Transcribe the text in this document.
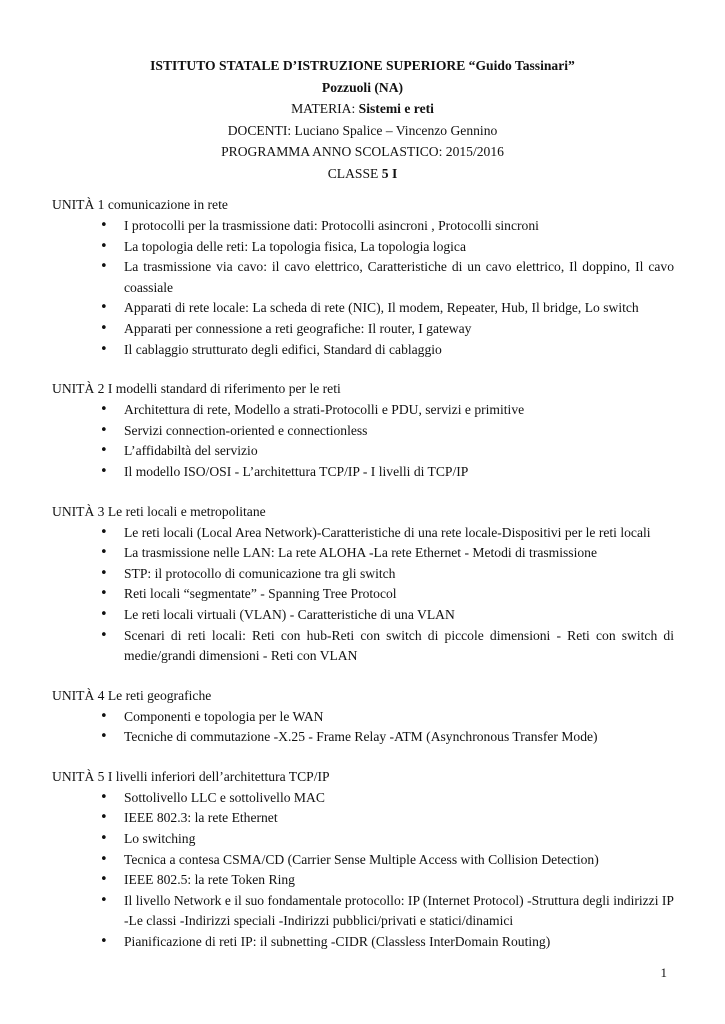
ISTITUTO STATALE D’ISTRUZIONE SUPERIORE “Guido Tassinari”
Pozzuoli (NA)
MATERIA: Sistemi e reti
DOCENTI: Luciano Spalice – Vincenzo Gennino
PROGRAMMA ANNO SCOLASTICO: 2015/2016
CLASSE 5 I
UNITÀ 1 comunicazione in rete
• I protocolli per la trasmissione dati: Protocolli asincroni , Protocolli sincroni
• La topologia delle reti: La topologia fisica, La topologia logica
• La trasmissione via cavo: il cavo elettrico, Caratteristiche di un cavo elettrico, Il doppino, Il cavo coassiale
• Apparati di rete locale: La scheda di rete (NIC), Il modem, Repeater, Hub, Il bridge, Lo switch
• Apparati per connessione a reti geografiche: Il router, I gateway
• Il cablaggio strutturato degli edifici, Standard di cablaggio
UNITÀ 2 I modelli standard di riferimento per le reti
• Architettura di rete, Modello a strati-Protocolli e PDU, servizi e primitive
• Servizi connection-oriented e connectionless
• L’affidabiltà del servizio
• Il modello ISO/OSI - L’architettura TCP/IP - I livelli di TCP/IP
UNITÀ 3 Le reti locali e metropolitane
• Le reti locali (Local Area Network)-Caratteristiche di una rete locale-Dispositivi per le reti locali
• La trasmissione nelle LAN: La rete ALOHA -La rete Ethernet - Metodi di trasmissione
• STP: il protocollo di comunicazione tra gli switch
• Reti locali “segmentate” - Spanning Tree Protocol
• Le reti locali virtuali (VLAN) - Caratteristiche di una VLAN
• Scenari di reti locali: Reti con hub-Reti con switch di piccole dimensioni - Reti con switch di medie/grandi dimensioni - Reti con VLAN
UNITÀ 4 Le reti geografiche
• Componenti e topologia per le WAN
• Tecniche di commutazione -X.25 - Frame Relay -ATM (Asynchronous Transfer Mode)
UNITÀ 5 I livelli inferiori dell’architettura TCP/IP
• Sottolivello LLC e sottolivello MAC
• IEEE 802.3: la rete Ethernet
• Lo switching
• Tecnica a contesa CSMA/CD (Carrier Sense Multiple Access with Collision Detection)
• IEEE 802.5: la rete Token Ring
• Il livello Network e il suo fondamentale protocollo: IP (Internet Protocol) -Struttura degli indirizzi IP -Le classi -Indirizzi speciali -Indirizzi pubblici/privati e statici/dinamici
• Pianificazione di reti IP: il subnetting -CIDR (Classless InterDomain Routing)
1
